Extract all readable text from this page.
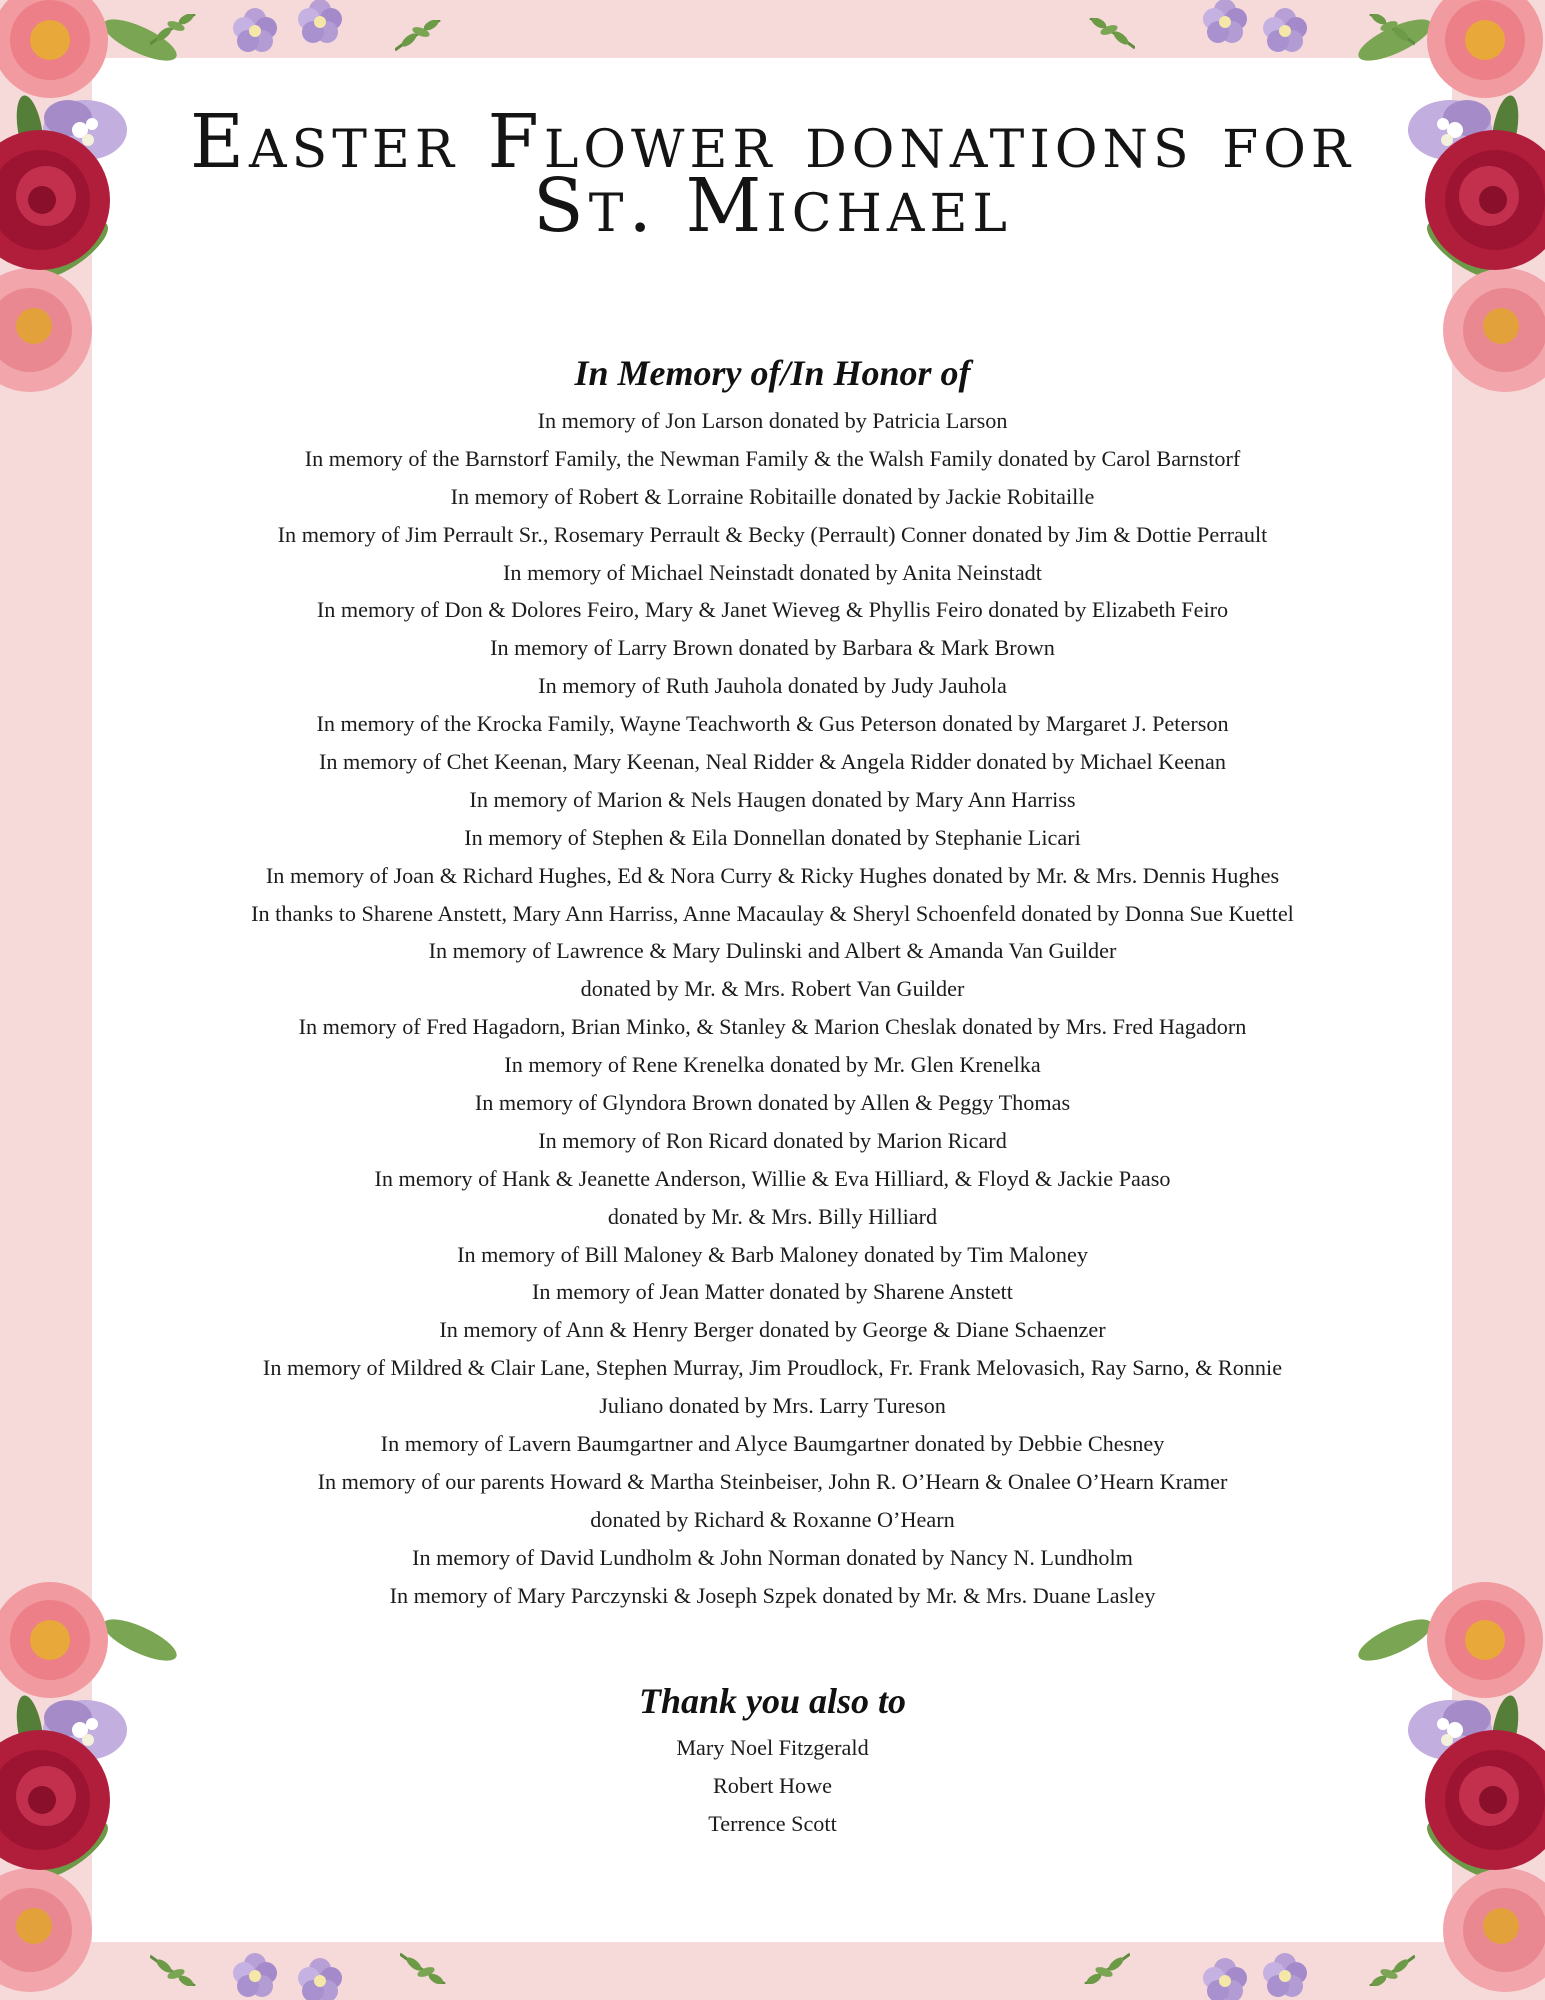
Easter Flower donations for
St. Michael
In Memory of/In Honor of
In memory of Jon Larson donated by Patricia Larson
In memory of the Barnstorf Family, the Newman Family & the Walsh Family donated by Carol Barnstorf
In memory of Robert & Lorraine Robitaille donated by Jackie Robitaille
In memory of Jim Perrault Sr., Rosemary Perrault & Becky (Perrault) Conner donated by Jim & Dottie Perrault
In memory of Michael Neinstadt donated by Anita Neinstadt
In memory of Don & Dolores Feiro, Mary & Janet Wieveg & Phyllis Feiro donated by Elizabeth Feiro
In memory of Larry Brown donated by Barbara & Mark Brown
In memory of Ruth Jauhola donated by Judy Jauhola
In memory of the Krocka Family, Wayne Teachworth & Gus Peterson donated by Margaret J. Peterson
In memory of Chet Keenan, Mary Keenan, Neal Ridder & Angela Ridder donated by Michael Keenan
In memory of Marion & Nels Haugen donated by Mary Ann Harriss
In memory of Stephen & Eila Donnellan donated by Stephanie Licari
In memory of Joan & Richard Hughes, Ed & Nora Curry & Ricky Hughes donated by Mr. & Mrs. Dennis Hughes
In thanks to Sharene Anstett, Mary Ann Harriss, Anne Macaulay & Sheryl Schoenfeld donated by Donna Sue Kuettel
In memory of Lawrence & Mary Dulinski and Albert & Amanda Van Guilder
donated by Mr. & Mrs. Robert Van Guilder
In memory of Fred Hagadorn, Brian Minko, & Stanley & Marion Cheslak donated by Mrs. Fred Hagadorn
In memory of Rene Krenelka donated by Mr. Glen Krenelka
In memory of Glyndora Brown donated by Allen & Peggy Thomas
In memory of Ron Ricard donated by Marion Ricard
In memory of Hank & Jeanette Anderson, Willie & Eva Hilliard, & Floyd & Jackie Paaso
donated by Mr. & Mrs. Billy Hilliard
In memory of Bill Maloney & Barb Maloney donated by Tim Maloney
In memory of Jean Matter donated by Sharene Anstett
In memory of Ann & Henry Berger donated by George & Diane Schaenzer
In memory of Mildred & Clair Lane, Stephen Murray, Jim Proudlock, Fr. Frank Melovasich, Ray Sarno, & Ronnie
Juliano donated by Mrs. Larry Tureson
In memory of Lavern Baumgartner and Alyce Baumgartner donated by Debbie Chesney
In memory of our parents Howard & Martha Steinbeiser, John R. O’Hearn & Onalee O’Hearn Kramer
donated by Richard & Roxanne O’Hearn
In memory of David Lundholm & John Norman donated by Nancy N. Lundholm
In memory of Mary Parczynski & Joseph Szpek donated by Mr. & Mrs. Duane Lasley
Thank you also to
Mary Noel Fitzgerald
Robert Howe
Terrence Scott
